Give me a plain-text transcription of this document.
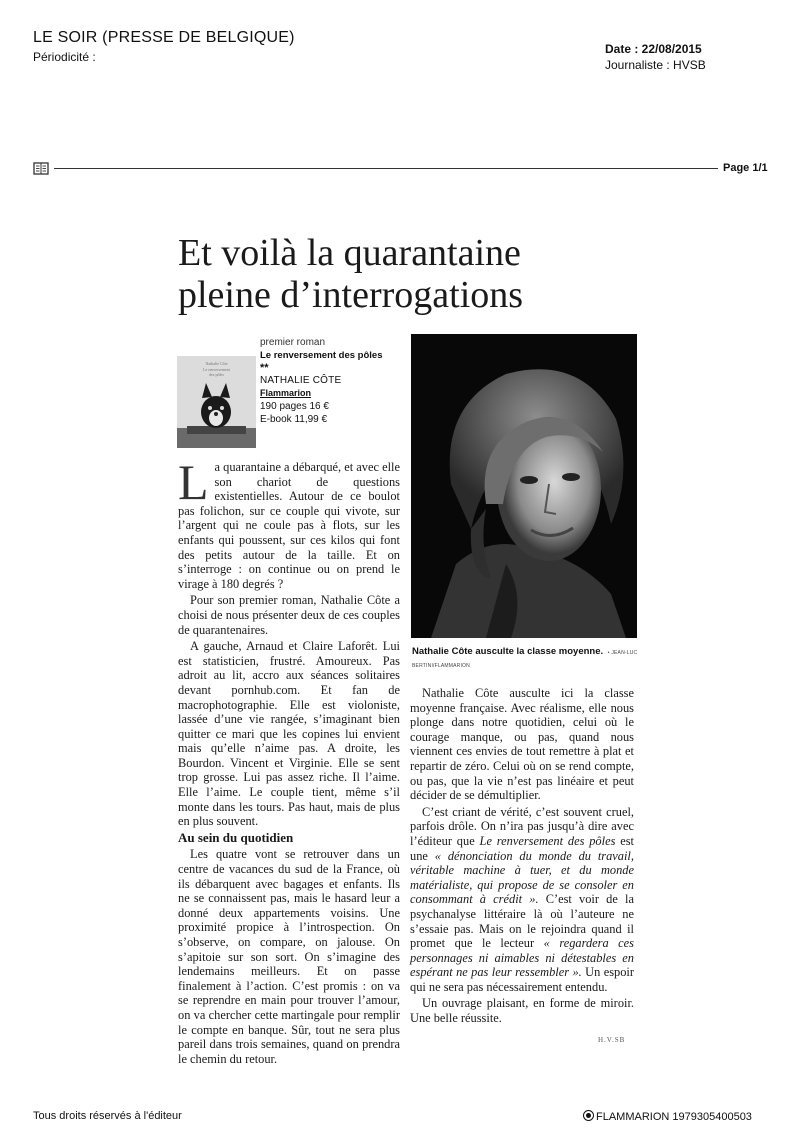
LE SOIR (PRESSE DE BELGIQUE)
Périodicité :
Date : 22/08/2015
Journaliste : HVSB
Page 1/1
Et voilà la quarantaine
pleine d’interrogations
Nathalie Côte
Le renversement
des pôles
premier roman
Le renversement des pôles
**
NATHALIE CÔTE
Flammarion
190 pages 16 €
E-book 11,99 €
L a quarantaine a débarqué, et avec elle son chariot de questions existentielles. Autour de ce boulot pas folichon, sur ce couple qui vivote, sur l’argent qui ne coule pas à flots, sur les enfants qui poussent, sur ces kilos qui font des petits autour de la taille. Et on s’interroge : on continue ou on prend le virage à 180 degrés ?

Pour son premier roman, Nathalie Côte a choisi de nous présenter deux de ces couples de quarantenaires.

A gauche, Arnaud et Claire Laforêt. Lui est statisticien, frustré. Amoureux. Pas adroit au lit, accro aux séances solitaires devant pornhub.com. Et fan de macrophotographie. Elle est violoniste, lassée d’une vie rangée, s’imaginant bien quitter ce mari que les copines lui envient mais qu’elle n’aime pas. A droite, les Bourdon. Vincent et Virginie. Elle se sent trop grosse. Lui pas assez riche. Il l’aime. Elle l’aime. Le couple tient, même s’il monte dans les tours. Pas haut, mais de plus en plus souvent.

Au sein du quotidien

Les quatre vont se retrouver dans un centre de vacances du sud de la France, où ils débarquent avec bagages et enfants. Ils ne se connaissent pas, mais le hasard leur a donné deux appartements voisins. Une proximité propice à l’introspection. On s’observe, on compare, on jalouse. On s’apitoie sur son sort. On s’imagine des lendemains meilleurs. Et on passe finalement à l’action. C’est promis : on va se reprendre en main pour trouver l’amour, on va chercher cette martingale pour remplir le compte en banque. Sûr, tout ne sera plus pareil dans trois semaines, quand on prendra le chemin du retour.

Nathalie Côte ausculte la classe moyenne. • JEAN-LUC BERTINI/FLAMMARION

Nathalie Côte ausculte ici la classe moyenne française. Avec réalisme, elle nous plonge dans notre quotidien, celui où le courage manque, ou pas, quand nous viennent ces envies de tout remettre à plat et repartir de zéro. Celui où on se rend compte, ou pas, que la vie n’est pas linéaire et peut décider de se démultiplier.

C’est criant de vérité, c’est souvent cruel, parfois drôle. On n’ira pas jusqu’à dire avec l’éditeur que Le renversement des pôles est une « dénonciation du monde du travail, véritable machine à tuer, et du monde matérialiste, qui propose de se consoler en consommant à crédit ». C’est voir de la psychanalyse littéraire là où l’auteure ne s’essaie pas. Mais on le rejoindra quand il promet que le lecteur « regardera ces personnages ni aimables ni détestables en espérant ne pas leur ressembler ». Un espoir qui ne sera pas nécessairement entendu.

Un ouvrage plaisant, en forme de miroir. Une belle réussite.

H.V.SB
Tous droits réservés à l'éditeur	FLAMMARION 1979305400503
